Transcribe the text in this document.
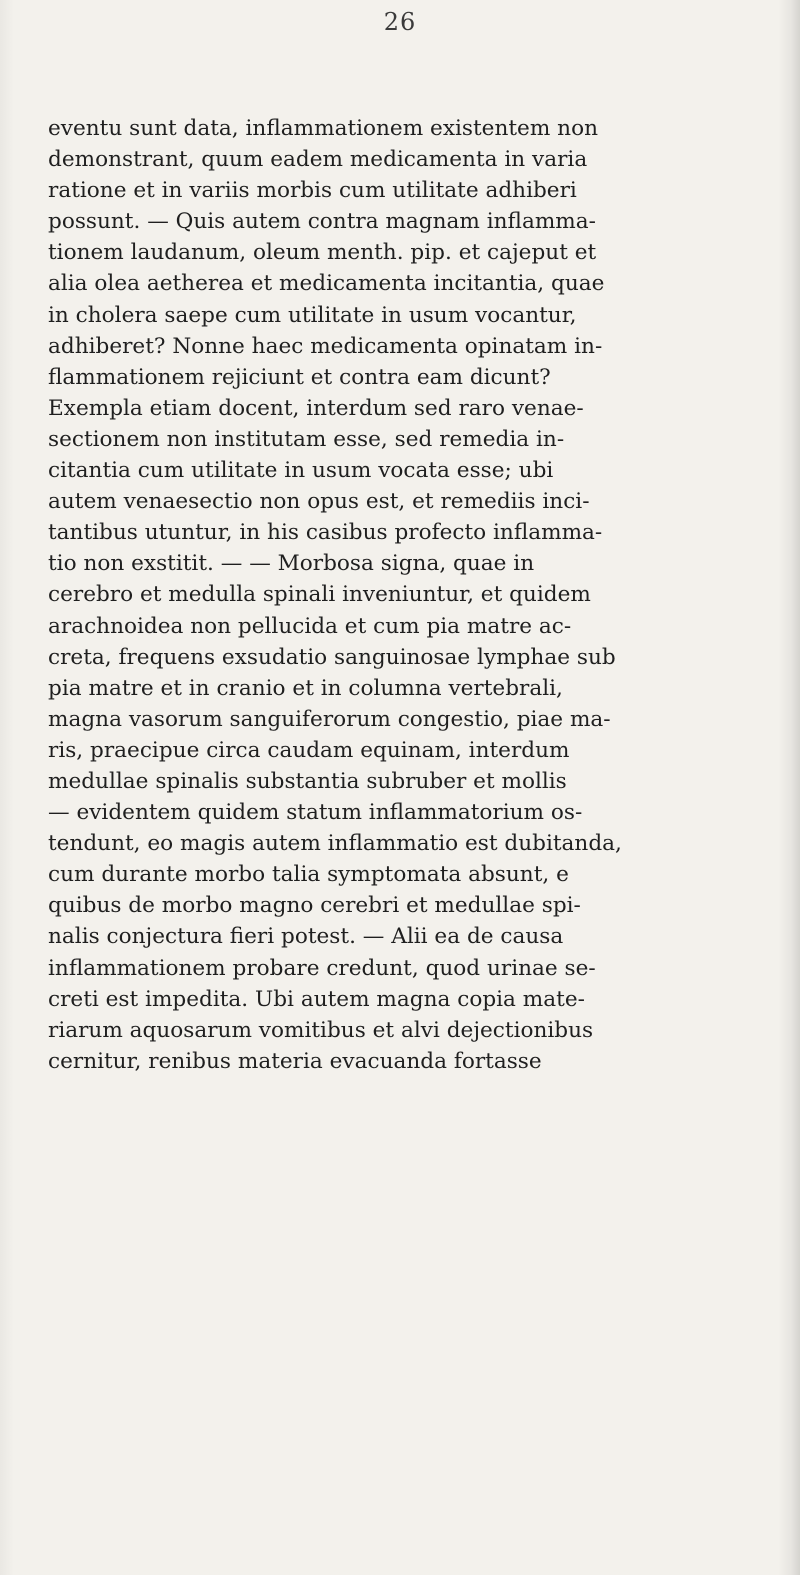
26
eventu sunt data, inflammationem existentem non
demonstrant, quum eadem medicamenta in varia
ratione et in variis morbis cum utilitate adhiberi
possunt. — Quis autem contra magnam inflamma-
tionem laudanum, oleum menth. pip. et cajeput et
alia olea aetherea et medicamenta incitantia, quae
in cholera saepe cum utilitate in usum vocantur,
adhiberet? Nonne haec medicamenta opinatam in-
flammationem rejiciunt et contra eam dicunt?
Exempla etiam docent, interdum sed raro venae-
sectionem non institutam esse, sed remedia in-
citantia cum utilitate in usum vocata esse; ubi
autem venaesectio non opus est, et remediis inci-
tantibus utuntur, in his casibus profecto inflamma-
tio non exstitit. — — Morbosa signa, quae in
cerebro et medulla spinali inveniuntur, et quidem
arachnoidea non pellucida et cum pia matre ac-
creta, frequens exsudatio sanguinosae lymphae sub
pia matre et in cranio et in columna vertebrali,
magna vasorum sanguiferorum congestio, piae ma-
ris, praecipue circa caudam equinam, interdum
medullae spinalis substantia subruber et mollis
— evidentem quidem statum inflammatorium os-
tendunt, eo magis autem inflammatio est dubitanda,
cum durante morbo talia symptomata absunt, e
quibus de morbo magno cerebri et medullae spi-
nalis conjectura fieri potest. — Alii ea de causa
inflammationem probare credunt, quod urinae se-
creti est impedita. Ubi autem magna copia mate-
riarum aquosarum vomitibus et alvi dejectionibus
cernitur, renibus materia evacuanda fortasse
